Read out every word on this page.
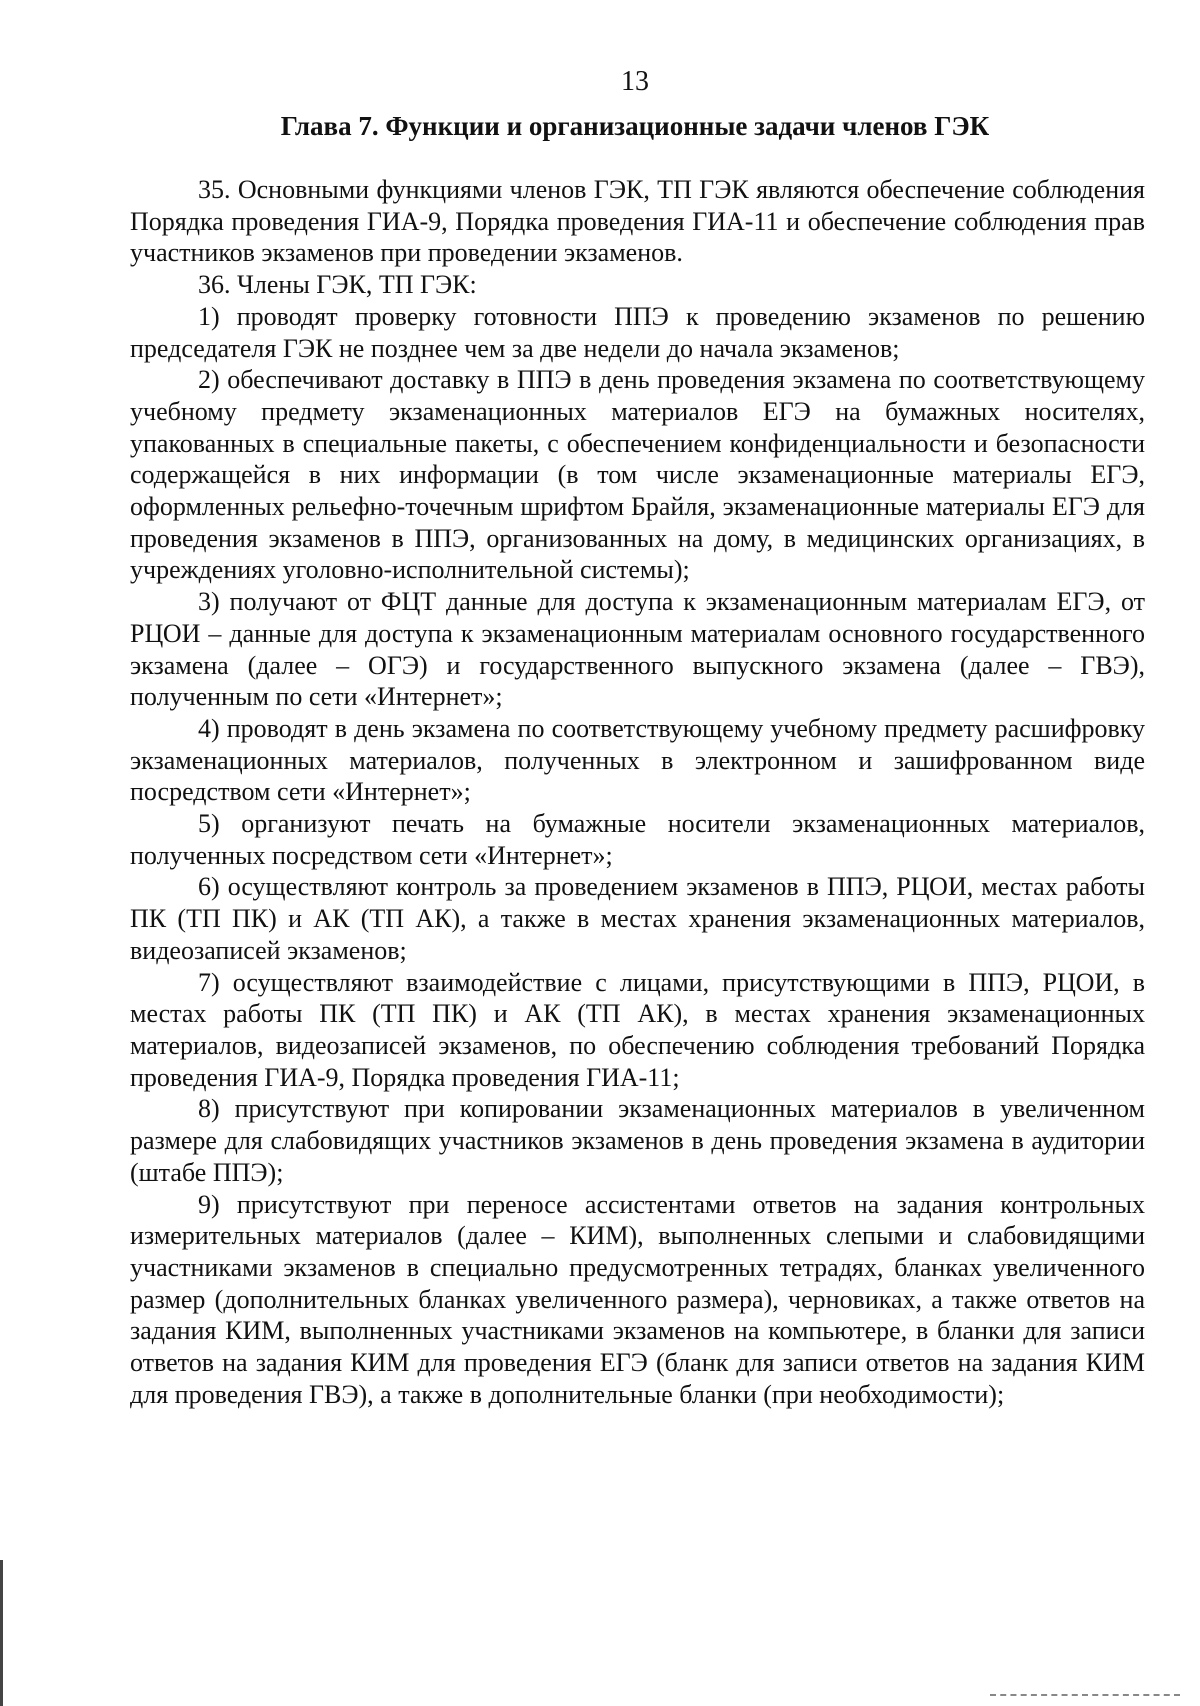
13
Глава 7. Функции и организационные задачи членов ГЭК

35. Основными функциями членов ГЭК, ТП ГЭК являются обеспечение соблюдения Порядка проведения ГИА-9, Порядка проведения ГИА-11 и обеспечение соблюдения прав участников экзаменов при проведении экзаменов.

36. Члены ГЭК, ТП ГЭК:

1) проводят проверку готовности ППЭ к проведению экзаменов по решению председателя ГЭК не позднее чем за две недели до начала экзаменов;

2) обеспечивают доставку в ППЭ в день проведения экзамена по соответствующему учебному предмету экзаменационных материалов ЕГЭ на бумажных носителях, упакованных в специальные пакеты, с обеспечением конфиденциальности и безопасности содержащейся в них информации (в том числе экзаменационные материалы ЕГЭ, оформленных рельефно-точечным шрифтом Брайля, экзаменационные материалы ЕГЭ для проведения экзаменов в ППЭ, организованных на дому, в медицинских организациях, в учреждениях уголовно-исполнительной системы);

3) получают от ФЦТ данные для доступа к экзаменационным материалам ЕГЭ, от РЦОИ – данные для доступа к экзаменационным материалам основного государственного экзамена (далее – ОГЭ) и государственного выпускного экзамена (далее – ГВЭ), полученным по сети «Интернет»;

4) проводят в день экзамена по соответствующему учебному предмету расшифровку экзаменационных материалов, полученных в электронном и зашифрованном виде посредством сети «Интернет»;

5) организуют печать на бумажные носители экзаменационных материалов, полученных посредством сети «Интернет»;

6) осуществляют контроль за проведением экзаменов в ППЭ, РЦОИ, местах работы ПК (ТП ПК) и АК (ТП АК), а также в местах хранения экзаменационных материалов, видеозаписей экзаменов;

7) осуществляют взаимодействие с лицами, присутствующими в ППЭ, РЦОИ, в местах работы ПК (ТП ПК) и АК (ТП АК), в местах хранения экзаменационных материалов, видеозаписей экзаменов, по обеспечению соблюдения требований Порядка проведения ГИА-9, Порядка проведения ГИА-11;

8) присутствуют при копировании экзаменационных материалов в увеличенном размере для слабовидящих участников экзаменов в день проведения экзамена в аудитории (штабе ППЭ);

9) присутствуют при переносе ассистентами ответов на задания контрольных измерительных материалов (далее – КИМ), выполненных слепыми и слабовидящими участниками экзаменов в специально предусмотренных тетрадях, бланках увеличенного размер (дополнительных бланках увеличенного размера), черновиках, а также ответов на задания КИМ, выполненных участниками экзаменов на компьютере, в бланки для записи ответов на задания КИМ для проведения ЕГЭ (бланк для записи ответов на задания КИМ для проведения ГВЭ), а также в дополнительные бланки (при необходимости);
